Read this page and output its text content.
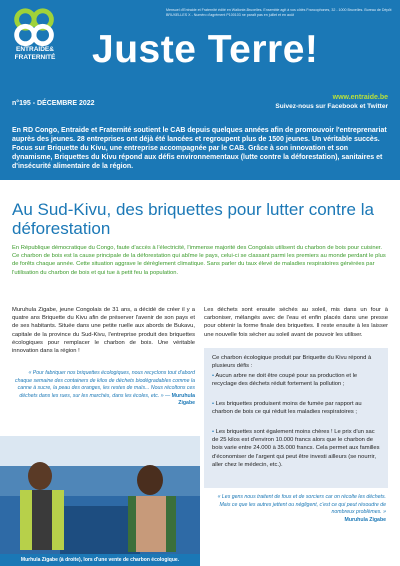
ENTRAIDE&
FRATERNITÉ
Mensuel d'Entraide et Fraternité édité en Wallonie-Bruxelles. Ensemble agit à vos côtés Francophones, 32 - 1000 Bruxelles. Bureau de Dépôt BRUXELLES X - Numéro d'agrément P100103 ne paraît pas en juillet et en août
Juste Terre!
n°195 - DÉCEMBRE 2022
www.entraide.be
Suivez-nous sur Facebook et Twitter
En RD Congo, Entraide et Fraternité soutient le CAB depuis quelques années afin de promouvoir l'entreprenariat auprès des jeunes. 28 entreprises ont déjà été lancées et regroupent plus de 1500 jeunes. Un véritable succès. Focus sur Briquette du Kivu, une entreprise accompagnée par le CAB. Grâce à son innovation et son dynamisme, Briquettes du Kivu répond aux défis environnementaux (lutte contre la déforestation), sanitaires et d'insécurité alimentaire de la région.
Au Sud-Kivu, des briquettes pour lutter contre la déforestation
En République démocratique du Congo, faute d'accès à l'électricité, l'immense majorité des Congolais utilisent du charbon de bois pour cuisiner. Ce charbon de bois est la cause principale de la déforestation qui abîme le pays, celui-ci se classant parmi les premiers au monde perdant le plus de forêts chaque année. Cette situation aggrave le dérèglement climatique. Sans parler du taux élevé de maladies respiratoires générées par l'utilisation du charbon de bois et qui tue à petit feu la population.
Muruhula Zigabe, jeune Congolais de 31 ans, a décidé de créer il y a quatre ans Briquette du Kivu afin de préserver l'avenir de son pays et de ses habitants. Située dans une petite ruelle aux abords de Bukavu, capitale de la province du Sud-Kivu, l'entreprise produit des briquettes écologiques pour remplacer le charbon de bois. Une véritable innovation dans la région !
« Pour fabriquer nos briquettes écologiques, nous recyclons tout d'abord chaque semaine des containers de kilos de déchets biodégradables comme la canne à sucre, la peau des oranges, les restes de maïs... Nous récoltons ces déchets dans les rues, sur les marchés, dans les écoles, etc. » — Muruhula Zigabe
Les déchets sont ensuite séchés au soleil, mis dans un four à carboniser, mélangés avec de l'eau et enfin placés dans une presse pour obtenir la forme finale des briquettes. Il reste ensuite à les laisser une nouvelle fois sécher au soleil avant de pouvoir les utiliser.
Ce charbon écologique produit par Briquette du Kivu répond à plusieurs défis :
• Aucun arbre ne doit être coupé pour sa production et le recyclage des déchets réduit fortement la pollution ;
• Les briquettes produisent moins de fumée par rapport au charbon de bois ce qui réduit les maladies respiratoires ;
• Les briquettes sont également moins chères ! Le prix d'un sac de 25 kilos est d'environ 10.000 francs alors que le charbon de bois varie entre 24.000 à 35.000 francs. Cela permet aux familles d'économiser de l'argent qui peut être investi ailleurs (se nourrir, aller chez le médecin, etc.).
« Les gens nous traitent de fous et de sorciers car on récolte les déchets. Mais ce que les autres jettent ou négligent, c'est ce qui peut résoudre de nombreux problèmes. »
Muruhula Zigabe
Murhula Zigabe (à droite), lors d'une vente de charbon écologique.
